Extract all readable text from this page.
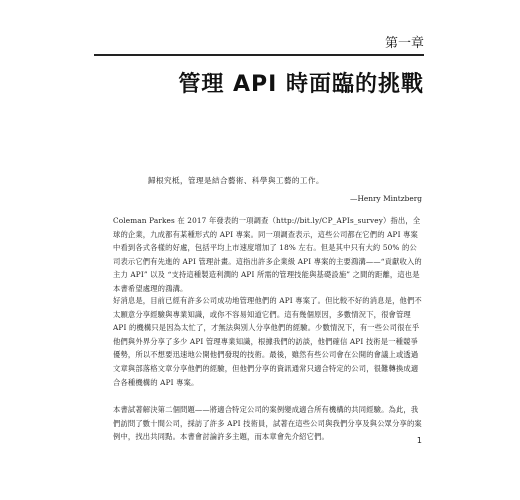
第一章
管理 API 時面臨的挑戰
歸根究柢，管理是結合藝術、科學與工藝的工作。
—Henry Mintzberg

Coleman Parkes 在 2017 年發表的一項調查（http://bit.ly/CP_APIs_survey）指出，全球的企業，九成都有某種形式的 API 專案。同一項調查表示，這些公司都在它們的 API 專案中看到各式各樣的好處，包括平均上市速度增加了 18% 左右。但是其中只有大約 50% 的公司表示它們有先進的 API 管理計畫。這指出許多企業級 API 專案的主要鴻溝——“貢獻收入的主力 API” 以及 “支持這種製造利潤的 API 所需的管理技能與基礎設施” 之間的距離，這也是本書希望處理的鴻溝。

好消息是，目前已經有許多公司成功地管理他們的 API 專案了。但比較不好的消息是，他們不太願意分享經驗與專業知識，或你不容易知道它們。這有幾個原因，多數情況下，很會管理 API 的機構只是因為太忙了，才無法與別人分享他們的經驗。少數情況下，有一些公司很在乎他們與外界分享了多少 API 管理專業知識，根據我們的訪談，他們確信 API 技術是一種競爭優勢，所以不想要迅速地公開他們發現的技術。最後，雖然有些公司會在公開的會議上或透過文章與部落格文章分享他們的經驗，但他們分享的資訊通常只適合特定的公司，很難轉換成適合各種機構的 API 專案。

本書試著解決第二個問題——將適合特定公司的案例變成適合所有機構的共同經驗。為此，我們訪問了數十間公司，採訪了許多 API 技術員，試著在這些公司與我們分享及與公眾分享的案例中，找出共同點。本書會討論許多主題，而本章會先介紹它們。	1
